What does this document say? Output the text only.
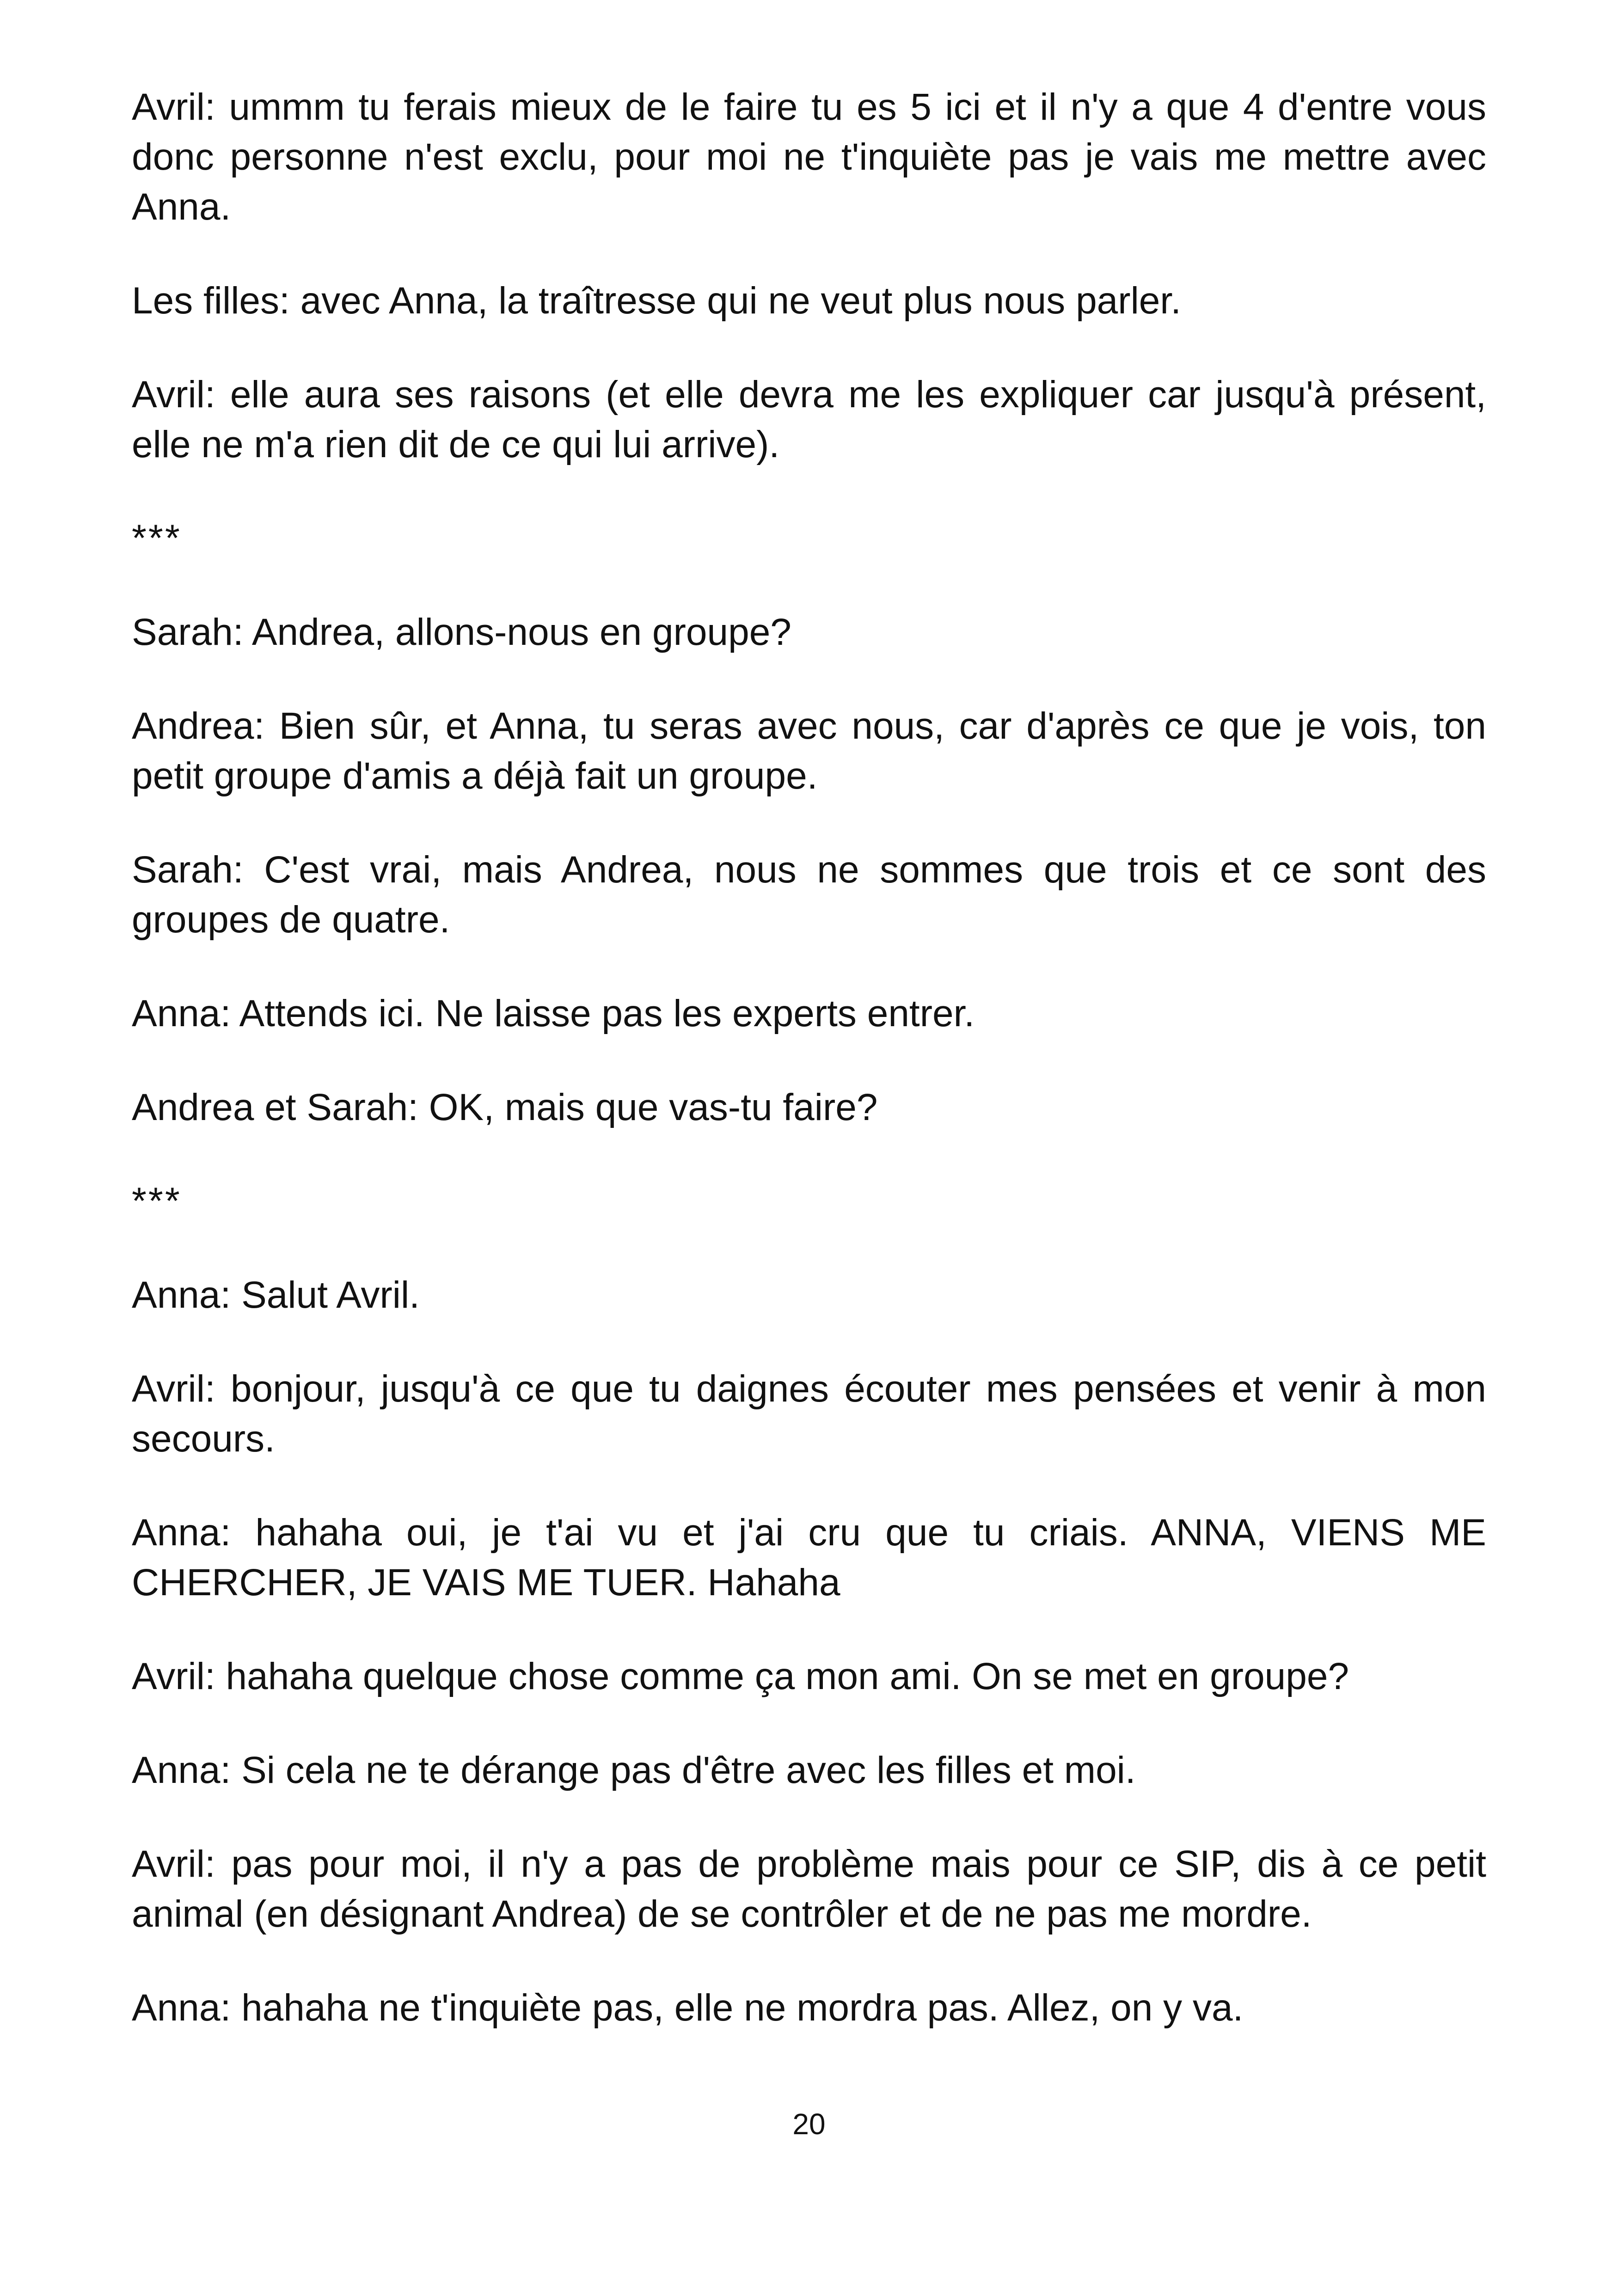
Avril: ummm tu ferais mieux de le faire tu es 5 ici et il n'y a que 4 d'entre vous donc personne n'est exclu, pour moi ne t'inquiète pas je vais me mettre avec Anna.

Les filles: avec Anna, la traîtresse qui ne veut plus nous parler.

Avril: elle aura ses raisons (et elle devra me les expliquer car jusqu'à présent, elle ne m'a rien dit de ce qui lui arrive).

***

Sarah: Andrea, allons-nous en groupe?

Andrea: Bien sûr, et Anna, tu seras avec nous, car d'après ce que je vois, ton petit groupe d'amis a déjà fait un groupe.

Sarah: C'est vrai, mais Andrea, nous ne sommes que trois et ce sont des groupes de quatre.

Anna: Attends ici. Ne laisse pas les experts entrer.

Andrea et Sarah: OK, mais que vas-tu faire?

***

Anna: Salut Avril.

Avril: bonjour, jusqu'à ce que tu daignes écouter mes pensées et venir à mon secours.

Anna: hahaha oui, je t'ai vu et j'ai cru que tu criais. ANNA, VIENS ME CHERCHER, JE VAIS ME TUER. Hahaha

Avril: hahaha quelque chose comme ça mon ami. On se met en groupe?

Anna: Si cela ne te dérange pas d'être avec les filles et moi.

Avril: pas pour moi, il n'y a pas de problème mais pour ce SIP, dis à ce petit animal (en désignant Andrea) de se contrôler et de ne pas me mordre.

Anna: hahaha ne t'inquiète pas, elle ne mordra pas. Allez, on y va.

20
